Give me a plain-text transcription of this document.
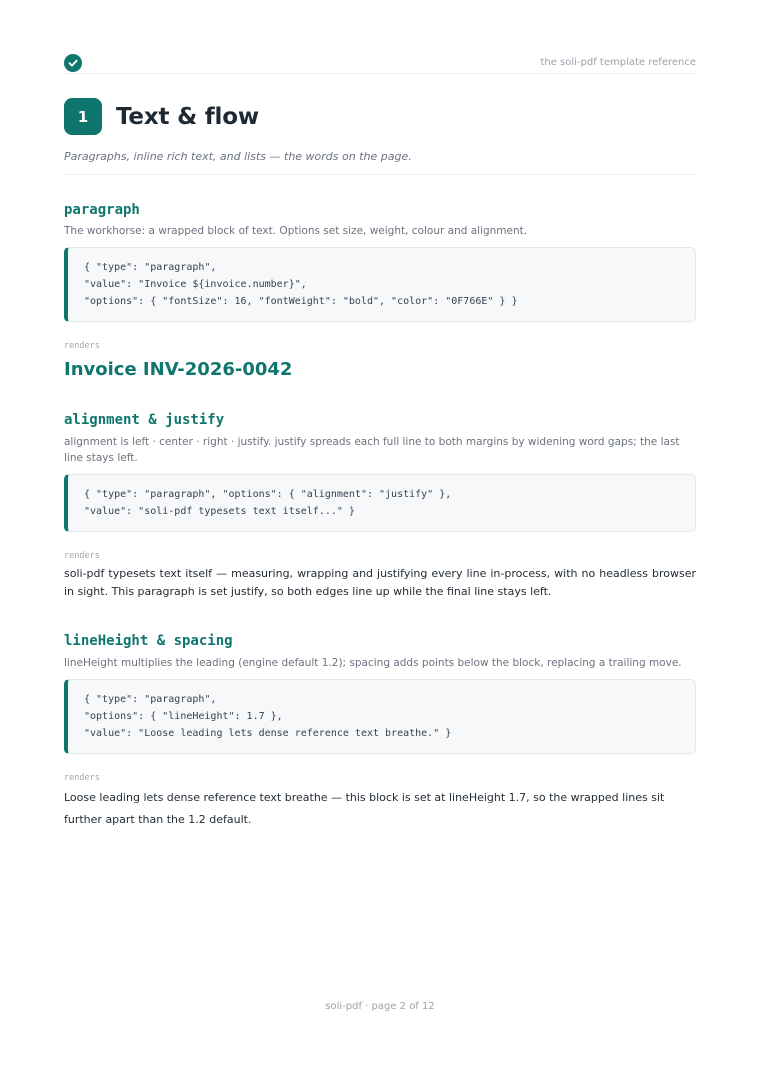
the soli-pdf template reference
1	Text & flow
Paragraphs, inline rich text, and lists — the words on the page.
paragraph
The workhorse: a wrapped block of text. Options set size, weight, colour and alignment.
{ "type": "paragraph",
"value": "Invoice ${invoice.number}",
"options": { "fontSize": 16, "fontWeight": "bold", "color": "0F766E" } }
renders
Invoice INV-2026-0042
alignment & justify
alignment is left · center · right · justify. justify spreads each full line to both margins by widening word gaps; the last line stays left.
{ "type": "paragraph", "options": { "alignment": "justify" },
"value": "soli-pdf typesets text itself..." }
renders
soli-pdf typesets text itself — measuring, wrapping and justifying every line in-process, with no headless browser in sight. This paragraph is set justify, so both edges line up while the final line stays left.
lineHeight & spacing
lineHeight multiplies the leading (engine default 1.2); spacing adds points below the block, replacing a trailing move.
{ "type": "paragraph",
"options": { "lineHeight": 1.7 },
"value": "Loose leading lets dense reference text breathe." }
renders
Loose leading lets dense reference text breathe — this block is set at lineHeight 1.7, so the wrapped lines sit further apart than the 1.2 default.
soli-pdf · page 2 of 12
